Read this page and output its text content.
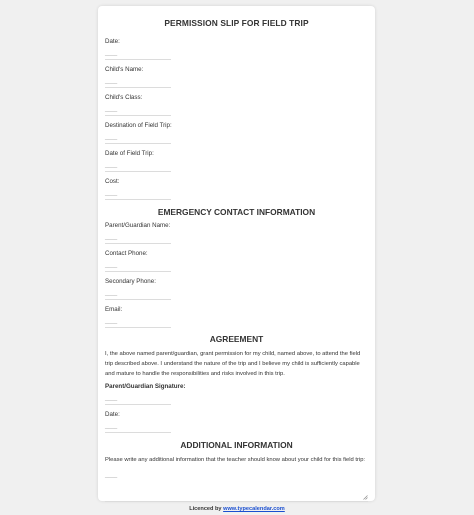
PERMISSION SLIP FOR FIELD TRIP
Date:
____
Child's Name:
____
Child's Class:
____
Destination of Field Trip:
____
Date of Field Trip:
____
Cost:
____
EMERGENCY CONTACT INFORMATION
Parent/Guardian Name:
____
Contact Phone:
____
Secondary Phone:
____
Email:
____
AGREEMENT

I, the above named parent/guardian, grant permission for my child, named above, to attend the field trip described above. I understand the nature of the trip and I believe my child is sufficiently capable and mature to handle the responsibilities and risks involved in this trip.

Parent/Guardian Signature:
____
Date:
____
ADDITIONAL INFORMATION

Please write any additional information that the teacher should know about your child for this field trip:

____
Licenced by www.typecalendar.com
